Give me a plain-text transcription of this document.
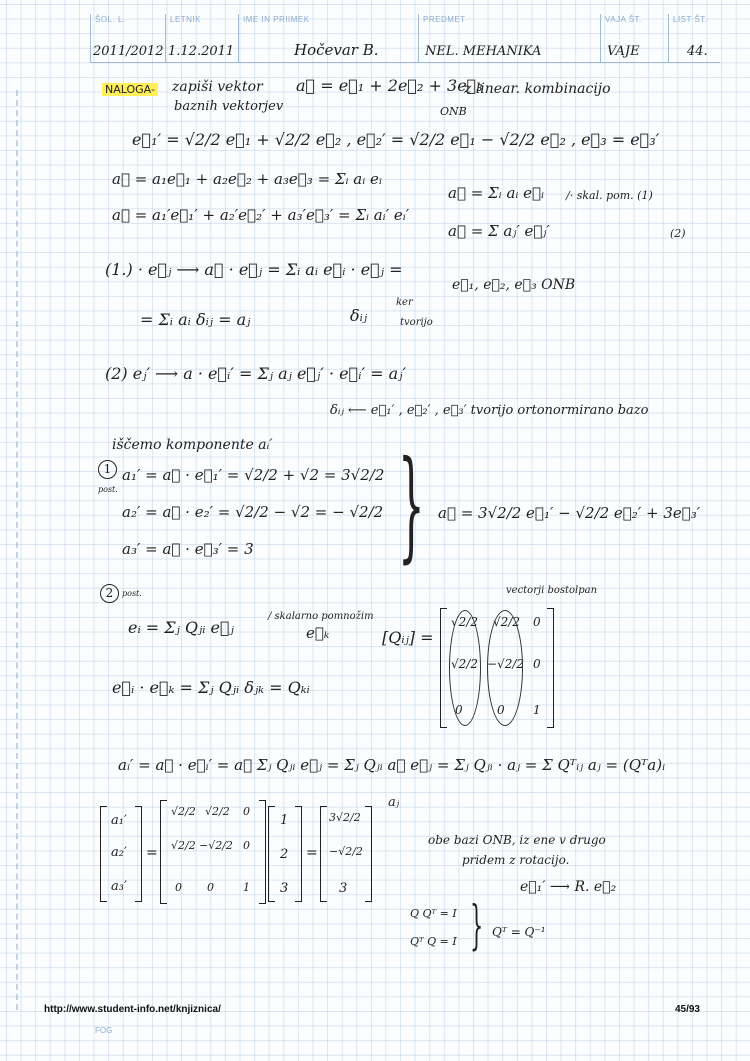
ŠOL. L.
2011/2012
LETNIK
1.12.2011
IME IN PRIIMEK
Hočevar B.
PREDMET
NEL. MEHANIKA
VAJA ŠT.
VAJE
LIST ŠT.
44.
NALOGA- zapiši vektor a⃗ = e⃗₁ + 2e⃗₂ + 3e⃗₃
z linear. kombinacijo
baznih vektorjev	ONB
e⃗₁′ = √2/2 e⃗₁ + √2/2 e⃗₂ , e⃗₂′ = √2/2 e⃗₁ − √2/2 e⃗₂ , e⃗₃ = e⃗₃′
a⃗ = a₁e⃗₁ + a₂e⃗₂ + a₃e⃗₃ = Σᵢ aᵢ eᵢ
a⃗ = a₁′e⃗₁′ + a₂′e⃗₂′ + a₃′e⃗₃′ = Σᵢ aᵢ′ eᵢ′
a⃗ = Σᵢ aᵢ e⃗ᵢ /· skal. pom. (1)
a⃗ = Σ aⱼ′ e⃗ⱼ′	(2)
(1.) · e⃗ⱼ ⟶ a⃗ · e⃗ⱼ = Σᵢ aᵢ e⃗ᵢ · e⃗ⱼ =
e⃗₁, e⃗₂, e⃗₃ ONB
= Σᵢ aᵢ δᵢⱼ = aⱼ	δᵢⱼ
ker
tvorijo
(2) eⱼ′ ⟶ a · e⃗ᵢ′ = Σⱼ aⱼ e⃗ⱼ′ · e⃗ᵢ′ = aⱼ′
δᵢⱼ ⟵ e⃗₁′ , e⃗₂′ , e⃗₃′ tvorijo ortonormirano bazo
iščemo komponente aᵢ′
1
post.
a₁′ = a⃗ · e⃗₁′ = √2/2 + √2 = 3√2/2
a₂′ = a⃗ · e₂′ = √2/2 − √2 = − √2/2
a₃′ = a⃗ · e⃗₃′ = 3 } a⃗ = 3√2/2 e⃗₁′ − √2/2 e⃗₂′ + 3e⃗₃′
2	post.	vectorji bostolpan
eᵢ = Σⱼ Qⱼᵢ e⃗ⱼ
/ skalarno pomnožim
e⃗ₖ	[Qᵢⱼ] =
√2/2 √2/2 0
√2/2 −√2/2 0
0	0 1
e⃗ᵢ · e⃗ₖ = Σⱼ Qⱼᵢ δⱼₖ = Qₖᵢ
aᵢ′ = a⃗ · e⃗ᵢ′ = a⃗ Σⱼ Qⱼᵢ e⃗ⱼ = Σⱼ Qⱼᵢ a⃗ e⃗ⱼ = Σⱼ Qⱼᵢ · aⱼ = Σ Qᵀᵢⱼ aⱼ = (Qᵀa)ᵢ
aⱼ
a₁′
a₂′
a₃′
=
√2/2 √2/2 0
√2/2 −√2/2 0
0 0	1
1
2
3
=
3√2/2
−√2/2
3
obe bazi ONB, iz ene v drugo
pridem z rotacijo.
e⃗₁′ ⟶ R. e⃗₂
Q Qᵀ = I
Qᵀ Q = I } Qᵀ = Q⁻¹
http://www.student-info.net/knjiznica/	45/93
FOG
